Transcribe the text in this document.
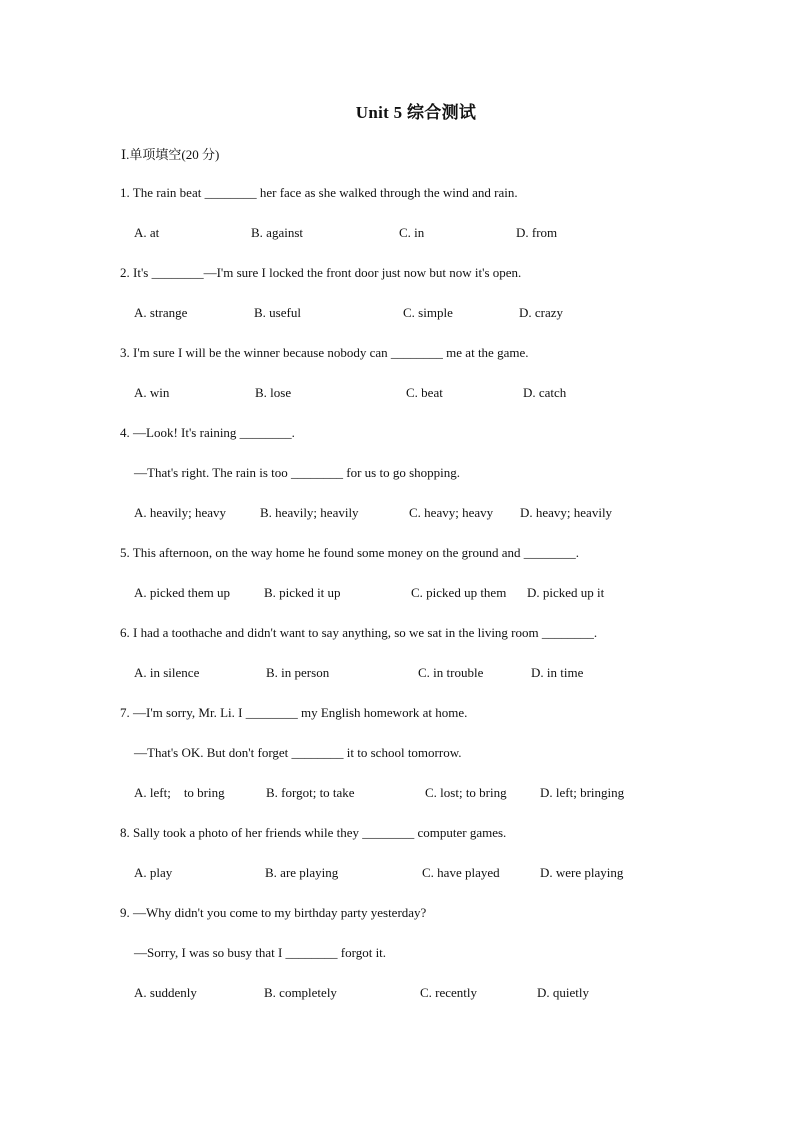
Unit 5 综合测试
Ⅰ.单项填空(20 分)
1. The rain beat ________ her face as she walked through the wind and rain.
A. at	B. against	C. in	D. from
2. It's ________—I'm sure I locked the front door just now but now it's open.
A. strange	B. useful	C. simple	D. crazy
3. I'm sure I will be the winner because nobody can ________ me at the game.
A. win	B. lose	C. beat	D. catch
4. —Look! It's raining ________.
—That's right. The rain is too ________ for us to go shopping.
A. heavily; heavy	B. heavily; heavily	C. heavy; heavy D. heavy; heavily
5. This afternoon, on the way home he found some money on the ground and ________.
A. picked them up	B. picked it up	C. picked up them D. picked up it
6. I had a toothache and didn't want to say anything, so we sat in the living room ________.
A. in silence	B. in person	C. in trouble	D. in time
7. —I'm sorry, Mr. Li. I ________ my English homework at home.
—That's OK. But don't forget ________ it to school tomorrow.
A. left;    to bring	B. forgot; to take	C. lost; to bring	D. left; bringing
8. Sally took a photo of her friends while they ________ computer games.
A. play	B. are playing	C. have played	D. were playing
9. —Why didn't you come to my birthday party yesterday?
—Sorry, I was so busy that I ________ forgot it.
A. suddenly	B. completely	C. recently	D. quietly
